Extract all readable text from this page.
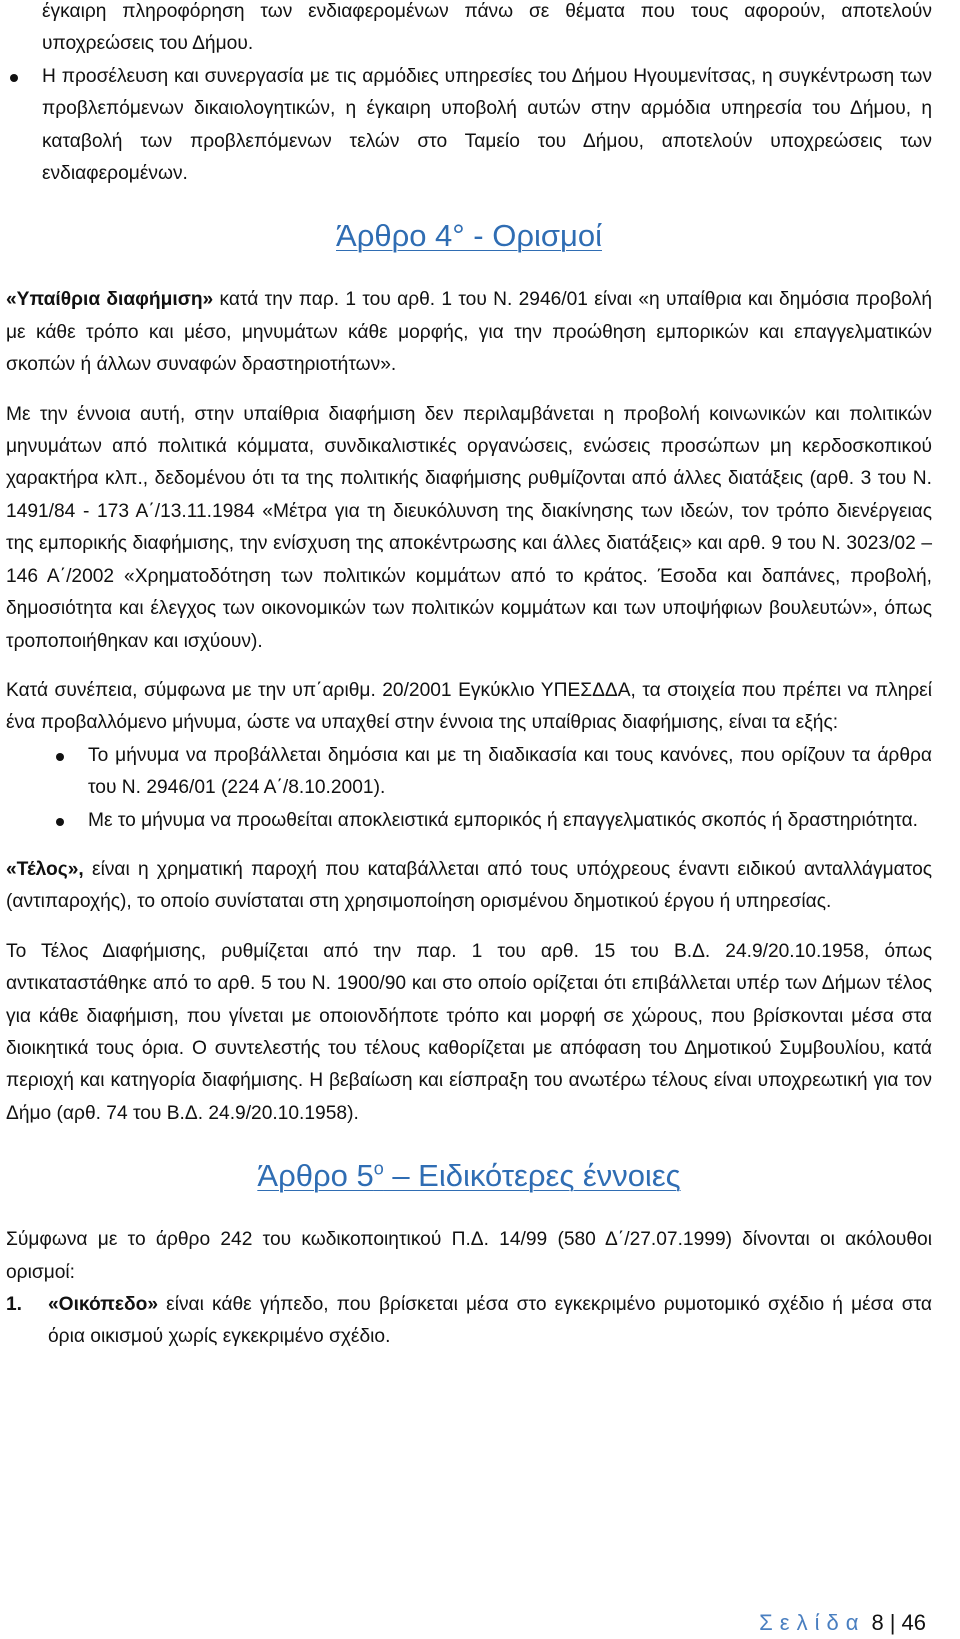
έγκαιρη πληροφόρηση των ενδιαφερομένων πάνω σε θέματα που τους αφορούν, αποτελούν υποχρεώσεις του Δήμου.
Η προσέλευση και συνεργασία με τις αρμόδιες υπηρεσίες του Δήμου Ηγουμενίτσας, η συγκέντρωση των προβλεπόμενων δικαιολογητικών, η έγκαιρη υποβολή αυτών στην αρμόδια υπηρεσία του Δήμου, η καταβολή των προβλεπόμενων τελών στο Ταμείο του Δήμου, αποτελούν υποχρεώσεις των ενδιαφερομένων.
Άρθρο 4° - Ορισμοί

«Υπαίθρια διαφήμιση» κατά την παρ. 1 του αρθ. 1 του Ν. 2946/01 είναι «η υπαίθρια και δημόσια προβολή με κάθε τρόπο και μέσο, μηνυμάτων κάθε μορφής, για την προώθηση εμπορικών και επαγγελματικών σκοπών ή άλλων συναφών δραστηριοτήτων».

Με την έννοια αυτή, στην υπαίθρια διαφήμιση δεν περιλαμβάνεται η προβολή κοινωνικών και πολιτικών μηνυμάτων από πολιτικά κόμματα, συνδικαλιστικές οργανώσεις, ενώσεις προσώπων μη κερδοσκοπικού χαρακτήρα κλπ., δεδομένου ότι τα της πολιτικής διαφήμισης ρυθμίζονται από άλλες διατάξεις (αρθ. 3 του Ν. 1491/84 - 173 Α΄/13.11.1984 «Μέτρα για τη διευκόλυνση της διακίνησης των ιδεών, τον τρόπο διενέργειας της εμπορικής διαφήμισης, την ενίσχυση της αποκέντρωσης και άλλες διατάξεις» και αρθ. 9 του Ν. 3023/02 – 146 Α΄/2002 «Χρηματοδότηση των πολιτικών κομμάτων από το κράτος. Έσοδα και δαπάνες, προβολή, δημοσιότητα και έλεγχος των οικονομικών των πολιτικών κομμάτων και των υποψήφιων βουλευτών», όπως τροποποιήθηκαν και ισχύουν).

Κατά συνέπεια, σύμφωνα με την υπ΄αριθμ. 20/2001 Εγκύκλιο ΥΠΕΣΔΔΑ, τα στοιχεία που πρέπει να πληρεί ένα προβαλλόμενο μήνυμα, ώστε να υπαχθεί στην έννοια της υπαίθριας διαφήμισης, είναι τα εξής:

Το μήνυμα να προβάλλεται δημόσια και με τη διαδικασία και τους κανόνες, που ορίζουν τα άρθρα του Ν. 2946/01 (224 Α΄/8.10.2001).
Με το μήνυμα να προωθείται αποκλειστικά εμπορικός ή επαγγελματικός σκοπός ή δραστηριότητα.

«Τέλος», είναι η χρηματική παροχή που καταβάλλεται από τους υπόχρεους έναντι ειδικού ανταλλάγματος (αντιπαροχής), το οποίο συνίσταται στη χρησιμοποίηση ορισμένου δημοτικού έργου ή υπηρεσίας.

Το Τέλος Διαφήμισης, ρυθμίζεται από την παρ. 1 του αρθ. 15 του Β.Δ. 24.9/20.10.1958, όπως αντικαταστάθηκε από το αρθ. 5 του Ν. 1900/90 και στο οποίο ορίζεται ότι επιβάλλεται υπέρ των Δήμων τέλος για κάθε διαφήμιση, που γίνεται με οποιονδήποτε τρόπο και μορφή σε χώρους, που βρίσκονται μέσα στα διοικητικά τους όρια. Ο συντελεστής του τέλους καθορίζεται με απόφαση του Δημοτικού Συμβουλίου, κατά περιοχή και κατηγορία διαφήμισης. Η βεβαίωση και είσπραξη του ανωτέρω τέλους είναι υποχρεωτική για τον Δήμο (αρθ. 74 του Β.Δ. 24.9/20.10.1958).

Άρθρο $5^o$ – Ειδικότερες έννοιες

Σύμφωνα με το άρθρο 242 του κωδικοποιητικού Π.Δ. 14/99 (580 Δ΄/27.07.1999) δίνονται οι ακόλουθοι ορισμοί:

1. «Οικόπεδο» είναι κάθε γήπεδο, που βρίσκεται μέσα στο εγκεκριμένο ρυμοτομικό σχέδιο ή μέσα στα όρια οικισμού χωρίς εγκεκριμένο σχέδιο.
Σελίδα 8 | 46
